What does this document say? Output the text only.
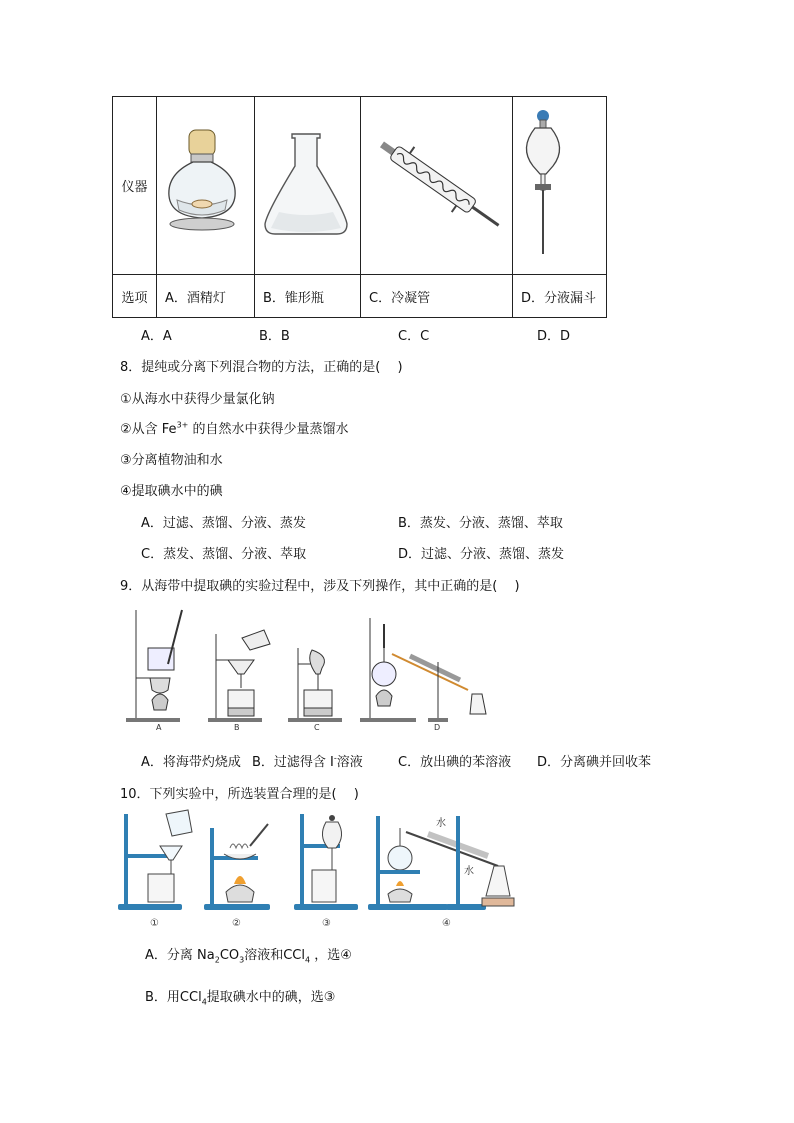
仪器				
选项	A．酒精灯	B．锥形瓶	C．冷凝管	D．分液漏斗
A．A	B．B	C．C	D．D
8．提纯或分离下列混合物的方法，正确的是(　 )
①从海水中获得少量氯化钠
②从含 $Fe^{3+}$ 的自然水中获得少量蒸馏水
③分离植物油和水
④提取碘水中的碘
A．过滤、蒸馏、分液、蒸发	B．蒸发、分液、蒸馏、萃取
C．蒸发、蒸馏、分液、萃取	D．过滤、分液、蒸馏、蒸发
9．从海带中提取碘的实验过程中，涉及下列操作，其中正确的是(　 )
A	B	C	D
A．将海带灼烧成 B．过滤得含 I-溶液	C．放出碘的苯溶液 D．分离碘并回收苯
10．下列实验中，所选装置合理的是(　 )
水
水
①	②	③	④
A．分离 $Na_2CO_3$溶液和CCl$_4$ ，选④
B．用CCl$_4$提取碘水中的碘，选③
